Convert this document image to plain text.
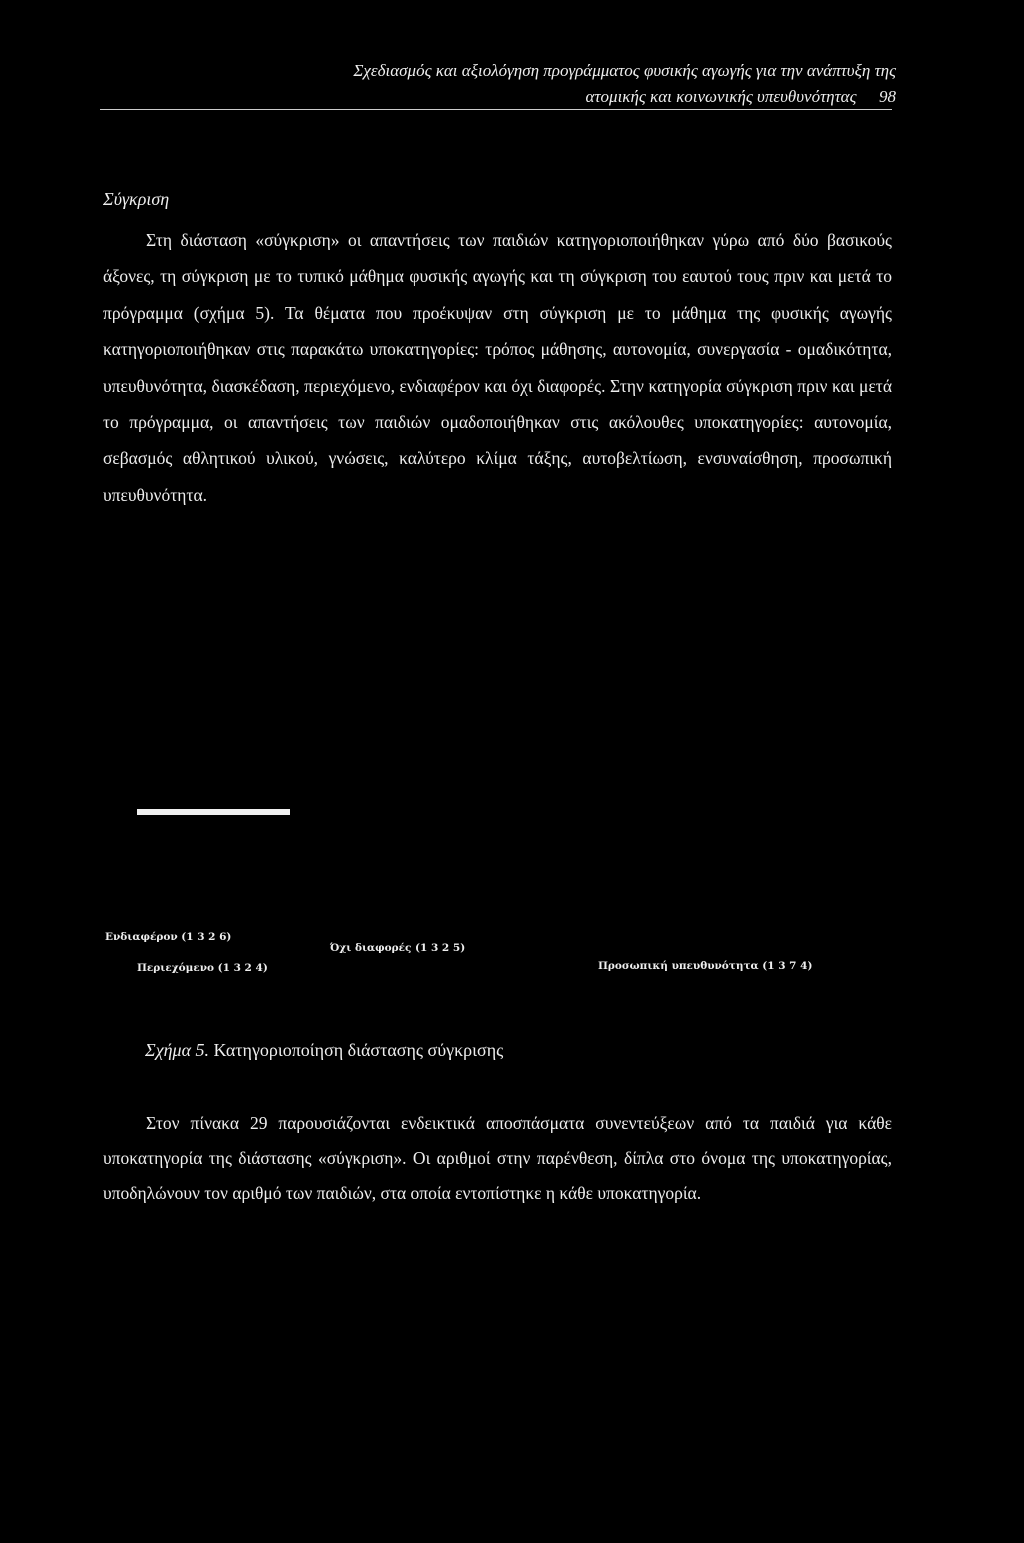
Σχεδιασμός και αξιολόγηση προγράμματος φυσικής αγωγής για την ανάπτυξη της
ατομικής και κοινωνικής υπευθυνότητας 98
Σύγκριση

Στη διάσταση «σύγκριση» οι απαντήσεις των παιδιών κατηγοριοποιήθηκαν γύρω από δύο βασικούς άξονες, τη σύγκριση με το τυπικό μάθημα φυσικής αγωγής και τη σύγκριση του εαυτού τους πριν και μετά το πρόγραμμα (σχήμα 5). Τα θέματα που προέκυψαν στη σύγκριση με το μάθημα της φυσικής αγωγής κατηγοριοποιήθηκαν στις παρακάτω υποκατηγορίες: τρόπος μάθησης, αυτονομία, συνεργασία - ομαδικότητα, υπευθυνότητα, διασκέδαση, περιεχόμενο, ενδιαφέρον και όχι διαφορές. Στην κατηγορία σύγκριση πριν και μετά το πρόγραμμα, οι απαντήσεις των παιδιών ομαδοποιήθηκαν στις ακόλουθες υποκατηγορίες: αυτονομία, σεβασμός αθλητικού υλικού, γνώσεις, καλύτερο κλίμα τάξης, αυτοβελτίωση, ενσυναίσθηση, προσωπική υπευθυνότητα.

Ενδιαφέρον (1 3 2 6)
Όχι διαφορές (1 3 2 5)
Περιεχόμενο (1 3 2 4)	Προσωπική υπευθυνότητα (1 3 7 4)
Σχήμα 5. Κατηγοριοποίηση διάστασης σύγκρισης

Στον πίνακα 29 παρουσιάζονται ενδεικτικά αποσπάσματα συνεντεύξεων από τα παιδιά για κάθε υποκατηγορία της διάστασης «σύγκριση». Οι αριθμοί στην παρένθεση, δίπλα στο όνομα της υποκατηγορίας, υποδηλώνουν τον αριθμό των παιδιών, στα οποία εντοπίστηκε η κάθε υποκατηγορία.
